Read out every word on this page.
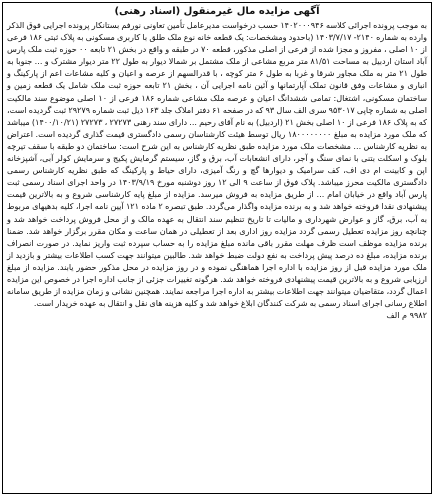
آگهی مزایده مال غیرمنقول (اسناد رهنی)

به موجب پرونده اجرائی کلاسه ۱۴۰۲۰۰۰۹۴۶ حسب درخواست مدیرعامل تأمین تعاونی نورفم بستانکار پرونده اجرایی فوق الذکر وارده به شماره ۲۱۴۰- ۱۴۰۳/۷/۱۷ (باحدود ومشخصات: یک قطعه خانه نوع ملک طلق با کاربری مسکونی به پلاک ثبتی ۱۸۶ فرعی از ۱۰ اصلی ، مفروز و مجزا شده از فرعی از اصلی مذکور، قطعه ۷۰ در طبقه و واقع در بخش ۲۱ تابعه ۰۰ حوزه ثبت ملک پارس آباد استان اردبیل به مساحت ۸۱/۵۱ متر مربع مشاعی از ملک مشتمل بر شمالا دیوار به طول ۲۲ متر دیوار مشترک و ... جنوبا به طول ۲۱ متر به ملک مجاور شرقا و غربا به طول ۶ متر کوچه ، با قدرالسهم از عرصه و اعیان و کلیه مشاعات اعم از پارکینگ و انباری و مشاعات وفق قانون تملک آپارتمانها و آئین نامه اجرایی آن ، بخش ۲۱ تابعه حوزه ثبت ملک شامل یک قطعه زمین و ساختمان مسکونی، اشتغال: تمامی ششدانگ اعیان و عرصه ملک مشاعی شماره ۱۸۶ فرعی از ۱۰ اصلی موضوع سند مالکیت اصلی به شماره چاپی ۹۵۳۰۱۷ سری الف سال ۹۳ که در صفحه ۶۱ دفتر املاک جلد ۱۶۳ ذیل ثبت شماره ۲۹۲۷۹ ثبت گردیده است، که به پلاک ۱۸۶ فرعی از ۱۰ اصلی بخش ۲۱ (اردبیل) به نام آقای رحیم ... دارای سند رهنی ۲۷۲۷۳ ، ۲۷۲۷۳ (۱۴۰۰/۱۰/۲۱) میباشد که ملک مورد مزایده به مبلغ ۱۸۰۰۰۰۰۰۰۰ ریال توسط هیئت کارشناسان رسمی دادگستری قیمت گذاری گردیده است. اعتراض به نظریه کارشناس ... مشخصات ملک مورد مزایده طبق نظریه کارشناس به این شرح است: ساختمان دو طبقه با سقف تیرچه بلوک و اسکلت بتنی با نمای سنگ و آجر، دارای انشعابات آب، برق و گاز، سیستم گرمایش پکیج و سرمایش کولر آبی، آشپزخانه اپن و کابینت ام دی اف، کف سرامیک و دیوارها گچ و رنگ آمیزی، دارای حیاط و پارکینگ که طبق نظریه کارشناس رسمی دادگستری مالکیت محرز میباشد. پلاک فوق از ساعت ۹ الی ۱۲ روز دوشنبه مورخ ۱۴۰۳/۹/۱۹ در واحد اجرای اسناد رسمی ثبت پارس آباد واقع در خیابان امام ... از طریق مزایده به فروش میرسد. مزایده از مبلغ پایه کارشناسی شروع و به بالاترین قیمت پیشنهادی نقدا فروخته خواهد شد و به برنده مزایده واگذار می‌گردد. طبق تبصره ۲ ماده ۱۲۱ آیین نامه اجرا، کلیه بدهیهای مربوط به آب، برق، گاز و عوارض شهرداری و مالیات تا تاریخ تنظیم سند انتقال به عهده مالک و از محل فروش پرداخت خواهد شد و چنانچه روز مزایده تعطیل رسمی گردد مزایده روز اداری بعد از تعطیلی در همان ساعت و مکان مقرر برگزار خواهد شد. ضمنا برنده مزایده موظف است ظرف مهلت مقرر باقی مانده مبلغ مزایده را به حساب سپرده ثبت واریز نماید. در صورت انصراف برنده مزایده، مبلغ ده درصد پیش پرداخت به نفع دولت ضبط خواهد شد. طالبین میتوانند جهت کسب اطلاعات بیشتر و بازدید از ملک مورد مزایده قبل از روز مزایده با اداره اجرا هماهنگی نموده و در روز مزایده در محل مذکور حضور یابند. مزایده از مبلغ ارزیابی شروع و به بالاترین قیمت پیشنهادی فروخته خواهد شد. هرگونه تغییرات جزئی از جانب اداره اجرا در خصوص این مزایده اعمال گردد، متقاضیان میتوانند جهت اطلاعات بیشتر به اداره اجرا مراجعه نمایند. همچنین نشانی و زمان مزایده از طریق سامانه اطلاع رسانی اجرای اسناد رسمی به شرکت کنندگان ابلاغ خواهد شد و کلیه هزینه های نقل و انتقال به عهده خریدار است.

۹۹۸۲ م الف
